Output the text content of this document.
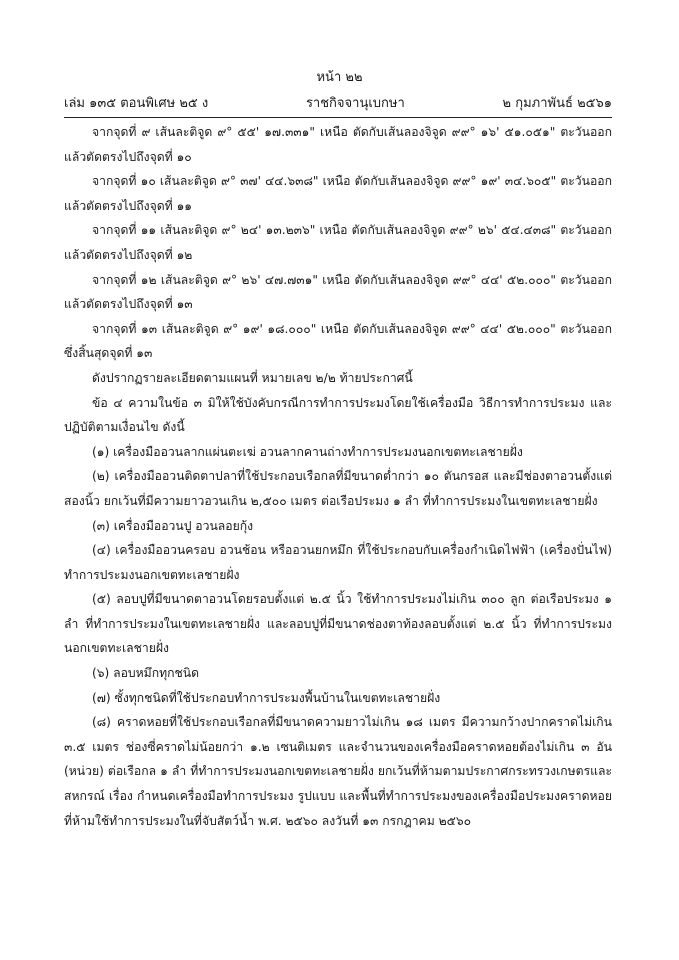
หน้า ๒๒
เล่ม ๑๓๕ ตอนพิเศษ ๒๕ ง	ราชกิจจานุเบกษา	๒ กุมภาพันธ์ ๒๕๖๑

จากจุดที่ ๙ เส้นละติจูด ๙° ๕๕' ๑๗.๓๓๑" เหนือ ตัดกับเส้นลองจิจูด ๙๙° ๑๖' ๕๑.๐๕๑" ตะวันออก แล้วตัดตรงไปถึงจุดที่ ๑๐

จากจุดที่ ๑๐ เส้นละติจูด ๙° ๓๗' ๔๔.๖๓๘" เหนือ ตัดกับเส้นลองจิจูด ๙๙° ๑๙' ๓๔.๖๐๕" ตะวันออก แล้วตัดตรงไปถึงจุดที่ ๑๑

จากจุดที่ ๑๑ เส้นละติจูด ๙° ๒๔' ๑๓.๒๓๖" เหนือ ตัดกับเส้นลองจิจูด ๙๙° ๒๖' ๕๔.๔๓๘" ตะวันออก แล้วตัดตรงไปถึงจุดที่ ๑๒

จากจุดที่ ๑๒ เส้นละติจูด ๙° ๒๖' ๔๗.๗๓๑" เหนือ ตัดกับเส้นลองจิจูด ๙๙° ๔๔' ๕๒.๐๐๐" ตะวันออก แล้วตัดตรงไปถึงจุดที่ ๑๓

จากจุดที่ ๑๓ เส้นละติจูด ๙° ๑๙' ๑๘.๐๐๐" เหนือ ตัดกับเส้นลองจิจูด ๙๙° ๔๔' ๕๒.๐๐๐" ตะวันออก ซึ่งสิ้นสุดจุดที่ ๑๓

ดังปรากฏรายละเอียดตามแผนที่ หมายเลข ๒/๒ ท้ายประกาศนี้

ข้อ ๔ ความในข้อ ๓ มิให้ใช้บังคับกรณีการทำการประมงโดยใช้เครื่องมือ วิธีการทำการประมง และปฏิบัติตามเงื่อนไข ดังนี้

(๑) เครื่องมืออวนลากแผ่นตะเฆ่ อวนลากคานถ่างทำการประมงนอกเขตทะเลชายฝั่ง

(๒) เครื่องมืออวนติดตาปลาที่ใช้ประกอบเรือกลที่มีขนาดต่ำกว่า ๑๐ ตันกรอส และมีช่องตาอวนตั้งแต่สองนิ้ว ยกเว้นที่มีความยาวอวนเกิน ๒,๕๐๐ เมตร ต่อเรือประมง ๑ ลำ ที่ทำการประมงในเขตทะเลชายฝั่ง

(๓) เครื่องมืออวนปู อวนลอยกุ้ง

(๔) เครื่องมืออวนครอบ อวนช้อน หรืออวนยกหมึก ที่ใช้ประกอบกับเครื่องกำเนิดไฟฟ้า (เครื่องปั่นไฟ) ทำการประมงนอกเขตทะเลชายฝั่ง

(๕) ลอบปูที่มีขนาดตาอวนโดยรอบตั้งแต่ ๒.๕ นิ้ว ใช้ทำการประมงไม่เกิน ๓๐๐ ลูก ต่อเรือประมง ๑ ลำ ที่ทำการประมงในเขตทะเลชายฝั่ง และลอบปูที่มีขนาดช่องตาท้องลอบตั้งแต่ ๒.๕ นิ้ว ที่ทำการประมงนอกเขตทะเลชายฝั่ง

(๖) ลอบหมึกทุกชนิด

(๗) ซั้งทุกชนิดที่ใช้ประกอบทำการประมงพื้นบ้านในเขตทะเลชายฝั่ง

(๘) คราดหอยที่ใช้ประกอบเรือกลที่มีขนาดความยาวไม่เกิน ๑๘ เมตร มีความกว้างปากคราดไม่เกิน ๓.๕ เมตร ช่องซี่คราดไม่น้อยกว่า ๑.๒ เซนติเมตร และจำนวนของเครื่องมือคราดหอยต้องไม่เกิน ๓ อัน (หน่วย) ต่อเรือกล ๑ ลำ ที่ทำการประมงนอกเขตทะเลชายฝั่ง ยกเว้นที่ห้ามตามประกาศกระทรวงเกษตรและสหกรณ์ เรื่อง กำหนดเครื่องมือทำการประมง รูปแบบ และพื้นที่ทำการประมงของเครื่องมือประมงคราดหอยที่ห้ามใช้ทำการประมงในที่จับสัตว์น้ำ พ.ศ. ๒๕๖๐ ลงวันที่ ๑๓ กรกฎาคม ๒๕๖๐
